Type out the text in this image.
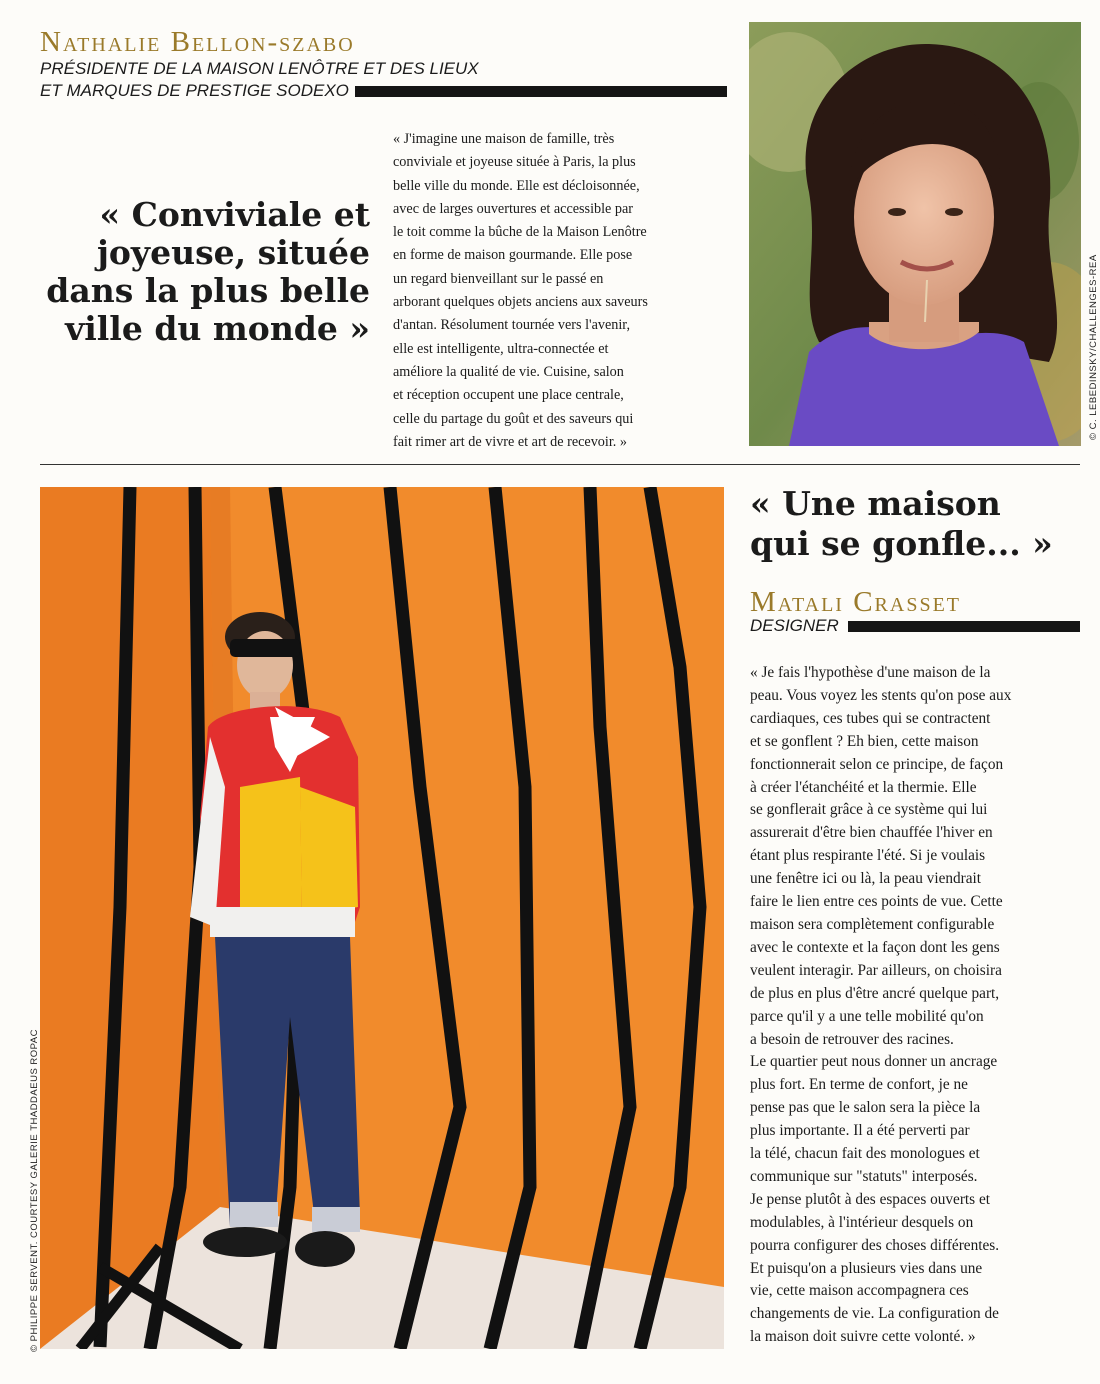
Nathalie Bellon-szabo
PRÉSIDENTE DE LA MAISON LENÔTRE ET DES LIEUX
ET MARQUES DE PRESTIGE SODEXO
« Conviviale et
joyeuse, située
dans la plus belle
ville du monde »
« J'imagine une maison de famille, très
conviviale et joyeuse située à Paris, la plus
belle ville du monde. Elle est décloisonnée,
avec de larges ouvertures et accessible par
le toit comme la bûche de la Maison Lenôtre
en forme de maison gourmande. Elle pose
un regard bienveillant sur le passé en
arborant quelques objets anciens aux saveurs
d'antan. Résolument tournée vers l'avenir,
elle est intelligente, ultra-connectée et
améliore la qualité de vie. Cuisine, salon
et réception occupent une place centrale,
celle du partage du goût et des saveurs qui
fait rimer art de vivre et art de recevoir. »
© C. LEBEDINSKY/CHALLENGES-REA
© PHILIPPE SERVENT. COURTESY GALERIE THADDAEUS ROPAC
« Une maison
qui se gonfle... »
Matali Crasset
DESIGNER
« Je fais l'hypothèse d'une maison de la
peau. Vous voyez les stents qu'on pose aux
cardiaques, ces tubes qui se contractent
et se gonflent ? Eh bien, cette maison
fonctionnerait selon ce principe, de façon
à créer l'étanchéité et la thermie. Elle
se gonflerait grâce à ce système qui lui
assurerait d'être bien chauffée l'hiver en
étant plus respirante l'été. Si je voulais
une fenêtre ici ou là, la peau viendrait
faire le lien entre ces points de vue. Cette
maison sera complètement configurable
avec le contexte et la façon dont les gens
veulent interagir. Par ailleurs, on choisira
de plus en plus d'être ancré quelque part,
parce qu'il y a une telle mobilité qu'on
a besoin de retrouver des racines.
Le quartier peut nous donner un ancrage
plus fort. En terme de confort, je ne
pense pas que le salon sera la pièce la
plus importante. Il a été perverti par
la télé, chacun fait des monologues et
communique sur "statuts" interposés.
Je pense plutôt à des espaces ouverts et
modulables, à l'intérieur desquels on
pourra configurer des choses différentes.
Et puisqu'on a plusieurs vies dans une
vie, cette maison accompagnera ces
changements de vie. La configuration de
la maison doit suivre cette volonté. »
